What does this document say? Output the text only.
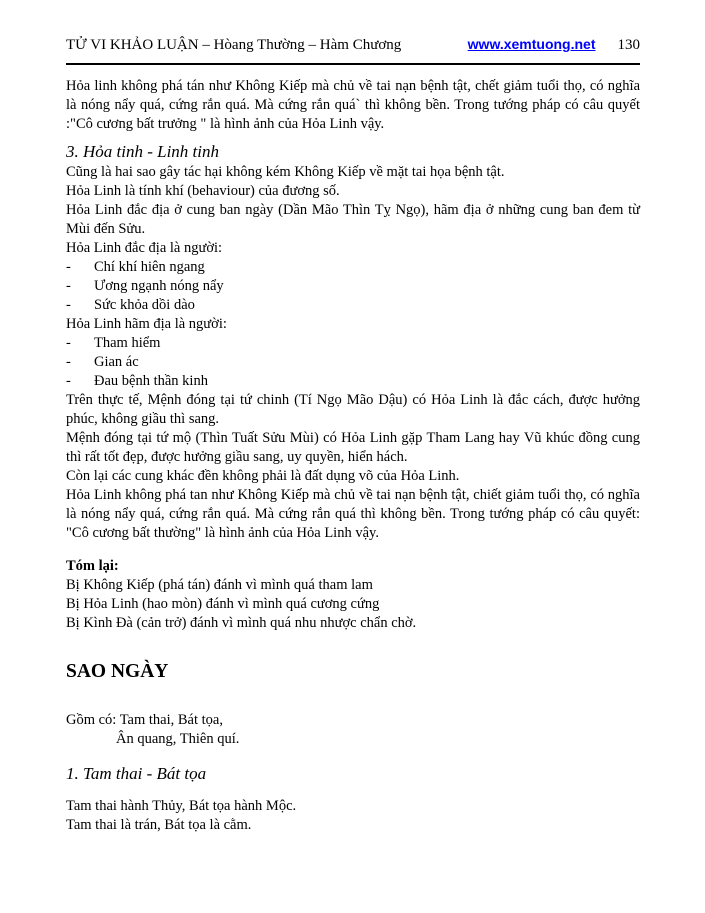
TỬ VI KHẢO LUẬN – Hòang Thường – Hàm Chương	www.xemtuong.net 130

Hỏa linh không phá tán như Không Kiếp mà chủ về tai nạn bệnh tật, chết giảm tuổi thọ, có nghĩa là nóng nẩy quá, cứng rắn quá. Mà cứng rắn quá` thì không bền. Trong tướng pháp có câu quyết :"Cô cương bất trưởng " là hình ảnh của Hỏa Linh vậy.

3. Hỏa tinh - Linh tinh

Cũng là hai sao gây tác hại không kém Không Kiếp về mặt tai họa bệnh tật.

Hỏa Linh là tính khí (behaviour) của đương số.

Hỏa Linh đắc địa ở cung ban ngày (Dần Mão Thìn Tỵ Ngọ), hãm địa ở những cung ban đem từ Mùi đến Sửu.

Hỏa Linh đắc địa là người:

-	Chí khí hiên ngang
-	Ương ngạnh nóng nẩy
-	Sức khỏa dồi dào

Hỏa Linh hãm địa là người:

-	Tham hiểm
-	Gian ác
-	Đau bệnh thần kinh

Trên thực tế, Mệnh đóng tại tứ chinh (Tí Ngọ Mão Dậu) có Hỏa Linh là đắc cách, được hưởng phúc, không giầu thì sang.

Mệnh đóng tại tứ mộ (Thìn Tuất Sửu Mùi) có Hỏa Linh gặp Tham Lang hay Vũ khúc đồng cung thì rất tốt đẹp, được hưởng giầu sang, uy quyền, hiển hách.

Còn lại các cung khác đền không phải là đất dụng võ của Hỏa Linh.

Hỏa Linh không phá tan như Không Kiếp mà chủ về tai nạn bệnh tật, chiết giảm tuổi thọ, có nghĩa là nóng nẩy quá, cứng rắn quá. Mà cứng rắn quá thì không bền. Trong tướng pháp có câu quyết: "Cô cương bất thường" là hình ảnh của Hỏa Linh vậy.

Tóm lại:

Bị Không Kiếp (phá tán) đánh vì mình quá tham lam

Bị Hỏa Linh (hao mòn) đánh vì mình quá cương cứng

Bị Kình Đà (cản trở) đánh vì mình quá nhu nhược chẩn chờ.

SAO NGÀY

Gồm có: Tam thai, Bát tọa,

Ân quang, Thiên quí.

1. Tam thai - Bát tọa

Tam thai hành Thủy, Bát tọa hành Mộc.

Tam thai là trán, Bát tọa là cằm.
